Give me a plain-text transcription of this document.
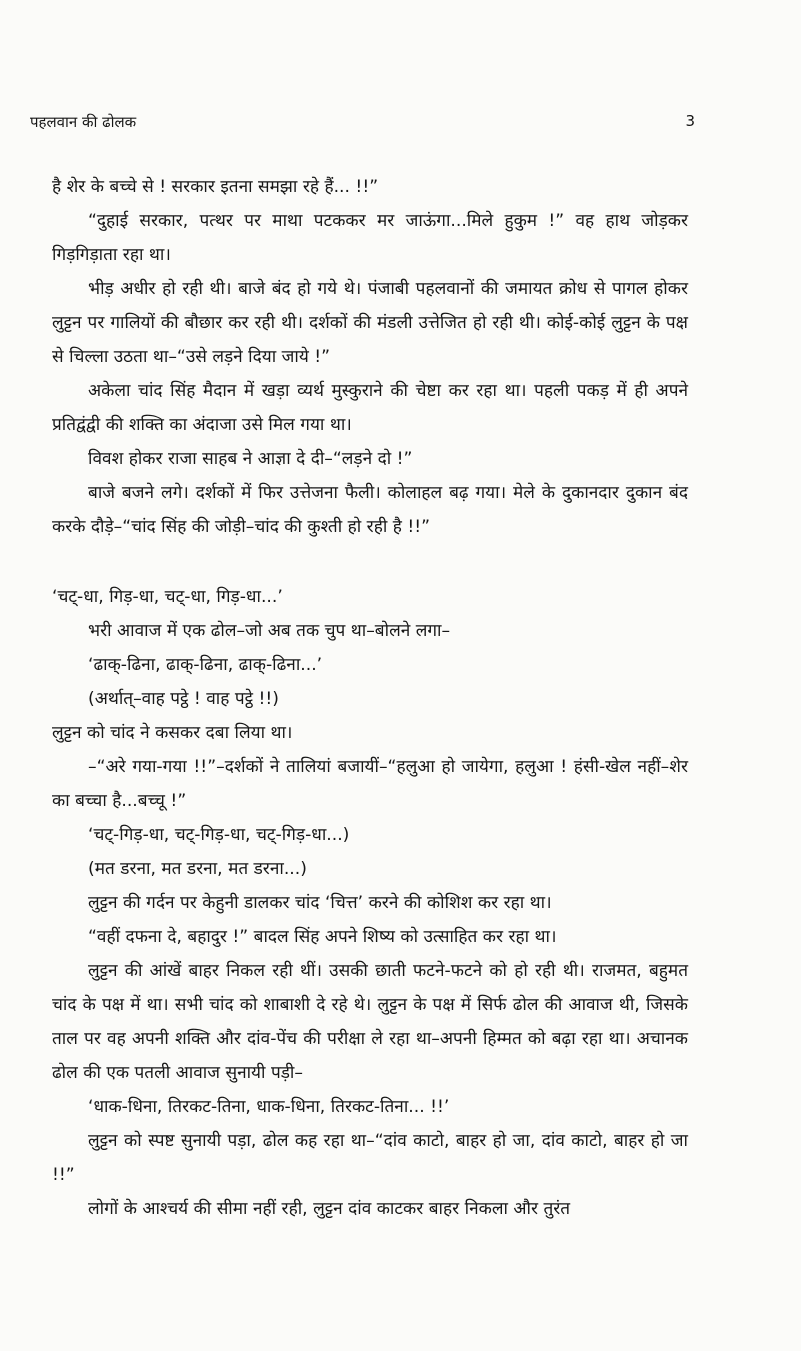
पहलवान की ढोलक	3

है शेर के बच्चे से ! सरकार इतना समझा रहे हैं... !!”

“दुहाई सरकार, पत्थर पर माथा पटककर मर जाऊंगा...मिले हुकुम !” वह हाथ जोड़कर गिड़गिड़ाता रहा था।

भीड़ अधीर हो रही थी। बाजे बंद हो गये थे। पंजाबी पहलवानों की जमायत क्रोध से पागल होकर लुट्टन पर गालियों की बौछार कर रही थी। दर्शकों की मंडली उत्तेजित हो रही थी। कोई-कोई लुट्टन के पक्ष से चिल्ला उठता था–“उसे लड़ने दिया जाये !”

अकेला चांद सिंह मैदान में खड़ा व्यर्थ मुस्कुराने की चेष्टा कर रहा था। पहली पकड़ में ही अपने प्रतिद्वंद्वी की शक्ति का अंदाजा उसे मिल गया था।

विवश होकर राजा साहब ने आज्ञा दे दी–“लड़ने दो !”

बाजे बजने लगे। दर्शकों में फिर उत्तेजना फैली। कोलाहल बढ़ गया। मेले के दुकानदार दुकान बंद करके दौड़े–“चांद सिंह की जोड़ी–चांद की कुश्ती हो रही है !!”

‘चट्-धा, गिड़-धा, चट्-धा, गिड़-धा...’

भरी आवाज में एक ढोल–जो अब तक चुप था–बोलने लगा–

‘ढाक्-ढिना, ढाक्-ढिना, ढाक्-ढिना...’

(अर्थात्–वाह पट्ठे ! वाह पट्ठे !!)

लुट्टन को चांद ने कसकर दबा लिया था।

–“अरे गया-गया !!”–दर्शकों ने तालियां बजायीं–“हलुआ हो जायेगा, हलुआ ! हंसी-खेल नहीं–शेर का बच्चा है...बच्चू !”

‘चट्-गिड़-धा, चट्-गिड़-धा, चट्-गिड़-धा...)

(मत डरना, मत डरना, मत डरना...)

लुट्टन की गर्दन पर केहुनी डालकर चांद ‘चित्त’ करने की कोशिश कर रहा था।

“वहीं दफना दे, बहादुर !” बादल सिंह अपने शिष्य को उत्साहित कर रहा था।

लुट्टन की आंखें बाहर निकल रही थीं। उसकी छाती फटने-फटने को हो रही थी। राजमत, बहुमत चांद के पक्ष में था। सभी चांद को शाबाशी दे रहे थे। लुट्टन के पक्ष में सिर्फ ढोल की आवाज थी, जिसके ताल पर वह अपनी शक्ति और दांव-पेंच की परीक्षा ले रहा था–अपनी हिम्मत को बढ़ा रहा था। अचानक ढोल की एक पतली आवाज सुनायी पड़ी–

‘धाक-धिना, तिरकट-तिना, धाक-धिना, तिरकट-तिना... !!’

लुट्टन को स्पष्ट सुनायी पड़ा, ढोल कह रहा था–“दांव काटो, बाहर हो जा, दांव काटो, बाहर हो जा !!”

लोगों के आश्चर्य की सीमा नहीं रही, लुट्टन दांव काटकर बाहर निकला और तुरंत
